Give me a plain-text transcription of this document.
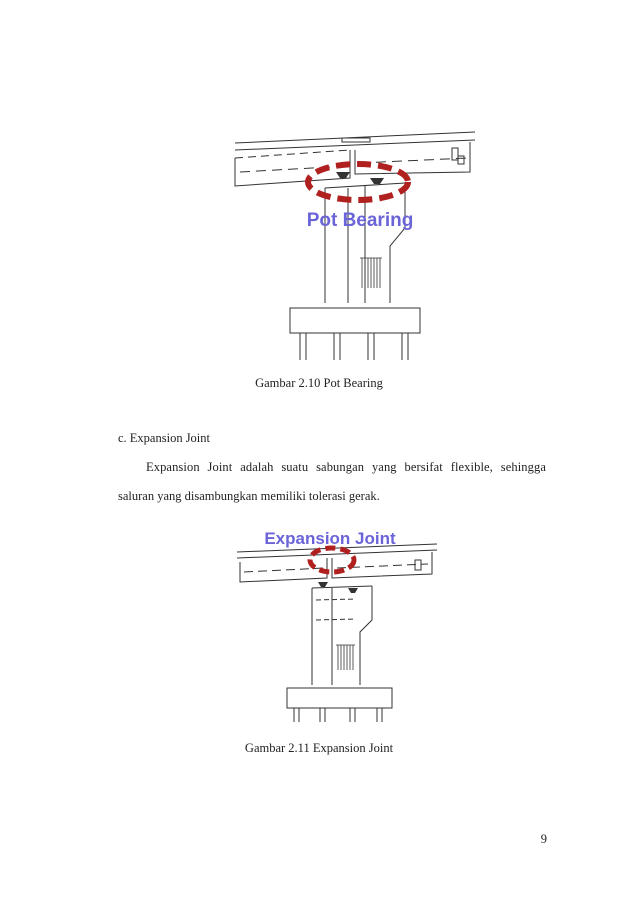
Pot Bearing
Gambar 2.10 Pot Bearing
c. Expansion Joint
Expansion Joint adalah suatu sabungan yang bersifat flexible, sehingga
saluran yang disambungkan memiliki tolerasi gerak.
Expansion Joint
Gambar 2.11 Expansion Joint
9
